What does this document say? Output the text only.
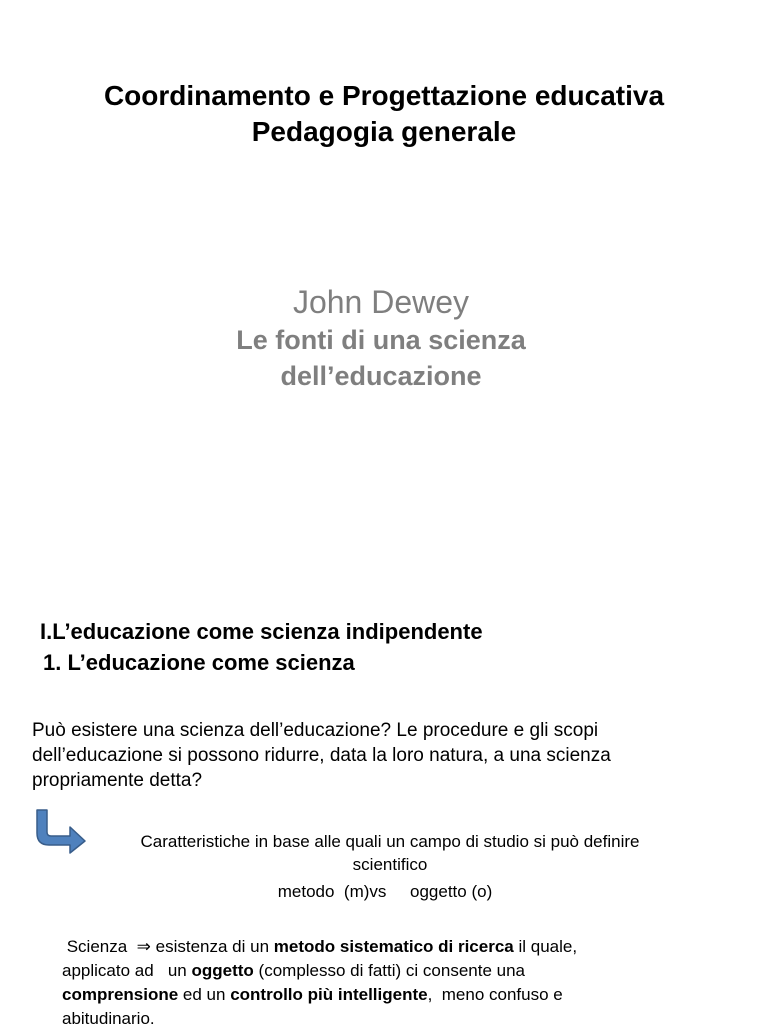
Coordinamento e Progettazione educativa
Pedagogia generale
John Dewey
Le fonti di una scienza
dell’educazione
I.L’educazione come scienza indipendente
1. L’educazione come scienza
Può esistere una scienza dell’educazione? Le procedure e gli scopi
dell’educazione si possono ridurre, data la loro natura, a una scienza
propriamente detta?
Caratteristiche in base alle quali un campo di studio si può definire
scientifico
metodo  (m)vs     oggetto (o)
Scienza  ⇒ esistenza di un metodo sistematico di ricerca il quale,
applicato ad   un oggetto (complesso di fatti) ci consente una
comprensione ed un controllo più intelligente,  meno confuso e
abitudinario.
